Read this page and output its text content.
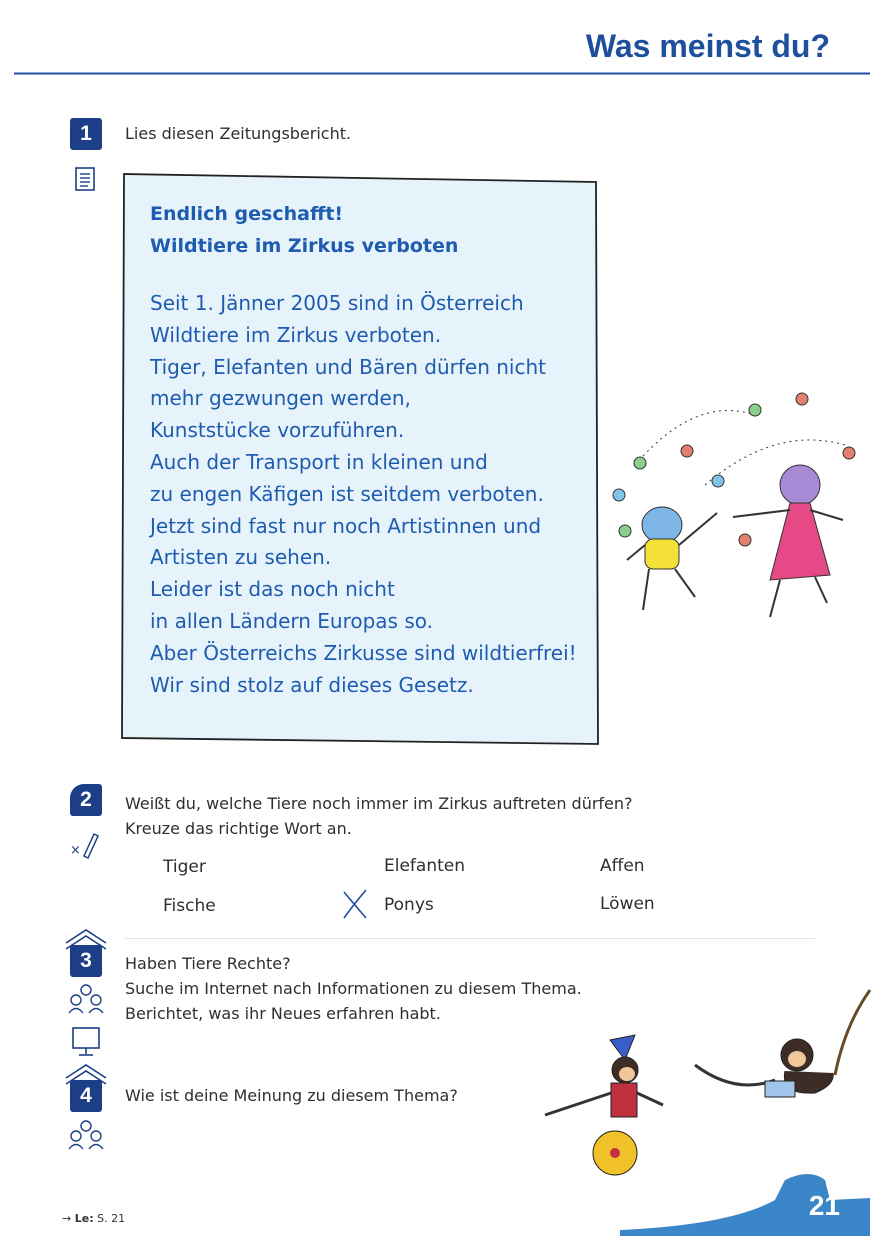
Was meinst du?
1	Lies diesen Zeitungsbericht.
Endlich geschafft!
Wildtiere im Zirkus verboten
Seit 1. Jänner 2005 sind in Österreich
Wildtiere im Zirkus verboten.
Tiger, Elefanten und Bären dürfen nicht
mehr gezwungen werden,
Kunststücke vorzuführen.
Auch der Transport in kleinen und
zu engen Käfigen ist seitdem verboten.
Jetzt sind fast nur noch Artistinnen und
Artisten zu sehen.
Leider ist das noch nicht
in allen Ländern Europas so.
Aber Österreichs Zirkusse sind wildtierfrei!
Wir sind stolz auf dieses Gesetz.
2	Weißt du, welche Tiere noch immer im Zirkus auftreten dürfen?
Kreuze das richtige Wort an.
×
Tiger	Elefanten	Affen
Fische	Ponys	Löwen
3	Haben Tiere Rechte?
Suche im Internet nach Informationen zu diesem Thema.
Berichtet, was ihr Neues erfahren habt.
4	Wie ist deine Meinung zu diesem Thema?
→ Le: S. 21	21
